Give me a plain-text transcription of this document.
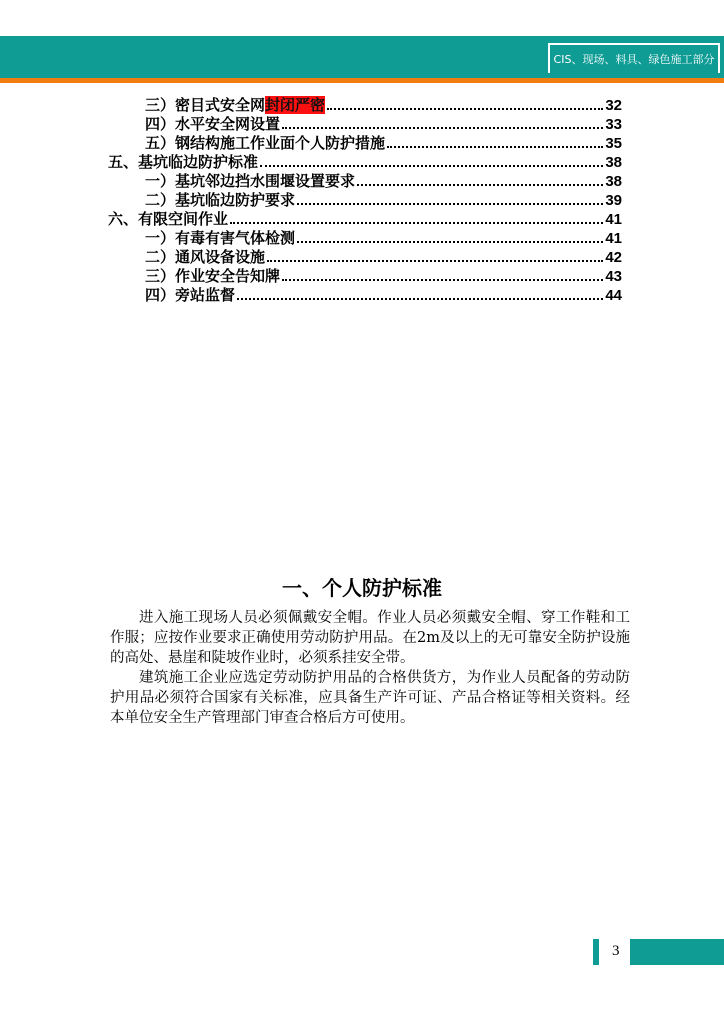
CIS、现场、料具、绿色施工部分
三）密目式安全网封闭严密	32
四）水平安全网设置	33
五）钢结构施工作业面个人防护措施	35
五、基坑临边防护标准	38
一）基坑邻边挡水围堰设置要求	38
二）基坑临边防护要求	39
六、有限空间作业	41
一）有毒有害气体检测	41
二）通风设备设施	42
三）作业安全告知牌	43
四）旁站监督	44
一、个人防护标准

进入施工现场人员必须佩戴安全帽。作业人员必须戴安全帽、穿工作鞋和工作服；应按作业要求正确使用劳动防护用品。在2m及以上的无可靠安全防护设施的高处、悬崖和陡坡作业时，必须系挂安全带。

建筑施工企业应选定劳动防护用品的合格供货方，为作业人员配备的劳动防护用品必须符合国家有关标准，应具备生产许可证、产品合格证等相关资料。经本单位安全生产管理部门审查合格后方可使用。

3
